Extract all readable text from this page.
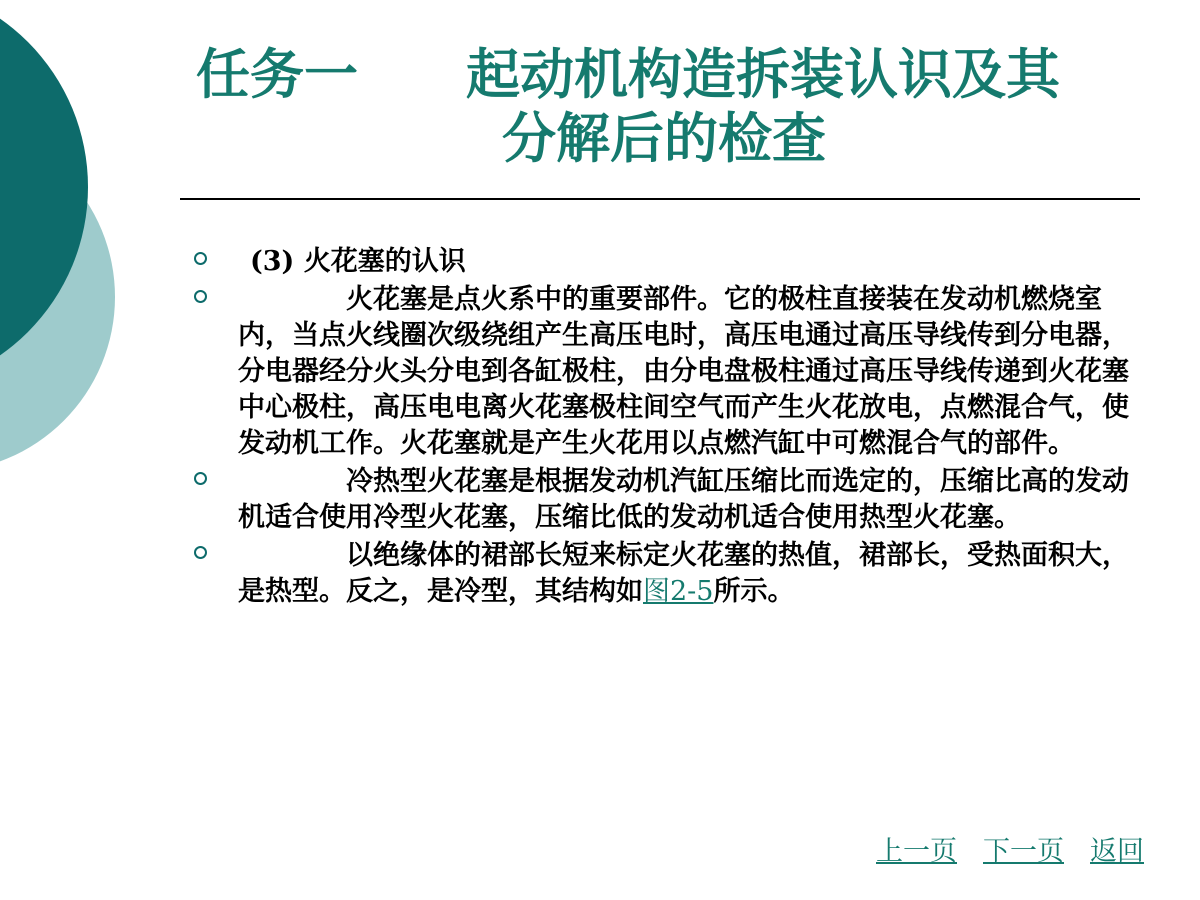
任务一	起动机构造拆装认识及其
分解后的检查
(3) 火花塞的认识
火花塞是点火系中的重要部件。它的极柱直接装在发动机燃烧室内，当点火线圈次级绕组产生高压电时，高压电通过高压导线传到分电器，分电器经分火头分电到各缸极柱，由分电盘极柱通过高压导线传递到火花塞中心极柱，高压电电离火花塞极柱间空气而产生火花放电，点燃混合气，使发动机工作。火花塞就是产生火花用以点燃汽缸中可燃混合气的部件。
冷热型火花塞是根据发动机汽缸压缩比而选定的，压缩比高的发动机适合使用冷型火花塞，压缩比低的发动机适合使用热型火花塞。
以绝缘体的裙部长短来标定火花塞的热值，裙部长，受热面积大，是热型。反之，是冷型，其结构如图2-5所示。
上一页 下一页 返回
